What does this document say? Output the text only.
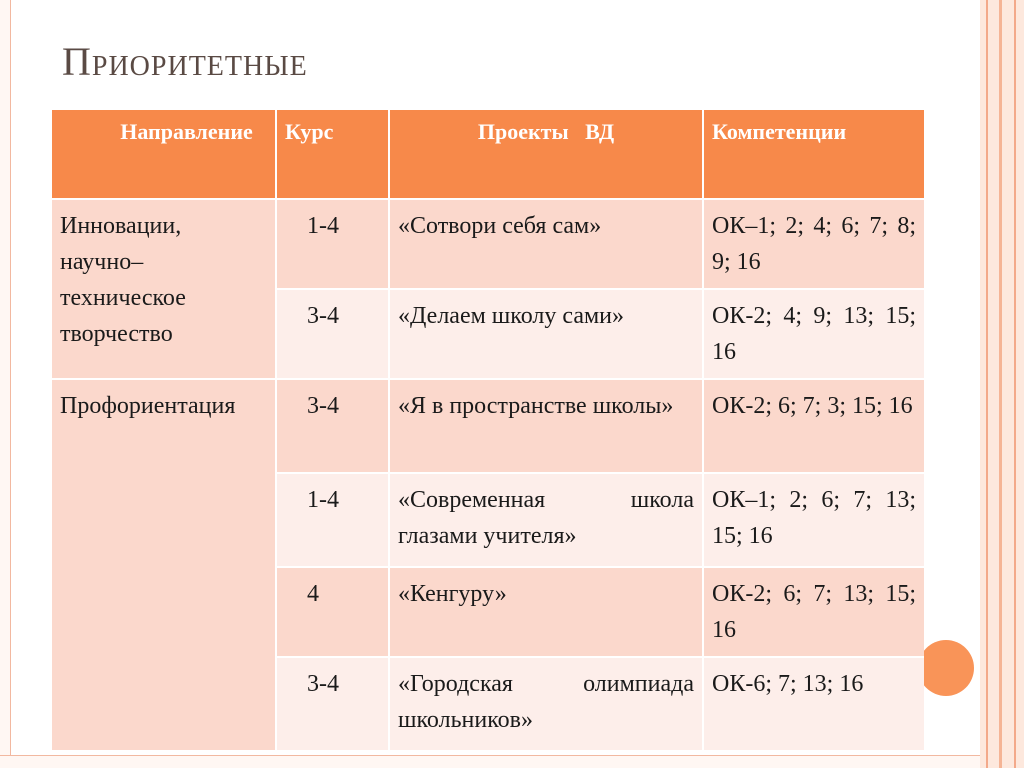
Приоритетные
Направление	Курс	Проекты   ВД	Компетенции
Инновации, научно–техническое творчество	1-4	«Сотвори себя сам»	ОК–1; 2; 4; 6; 7; 8; 9; 16
	3-4	«Делаем школу сами»	ОК-2; 4; 9; 13; 15; 16
Профориентация	3-4	«Я в пространстве школы»	ОК-2; 6; 7; 3; 15; 16
	1-4	«Современная школа глазами учителя»	ОК–1; 2; 6; 7; 13; 15; 16
	4	«Кенгуру»	ОК-2; 6; 7; 13; 15; 16
	3-4	«Городская олимпиада школьников»	ОК-6; 7; 13; 16
